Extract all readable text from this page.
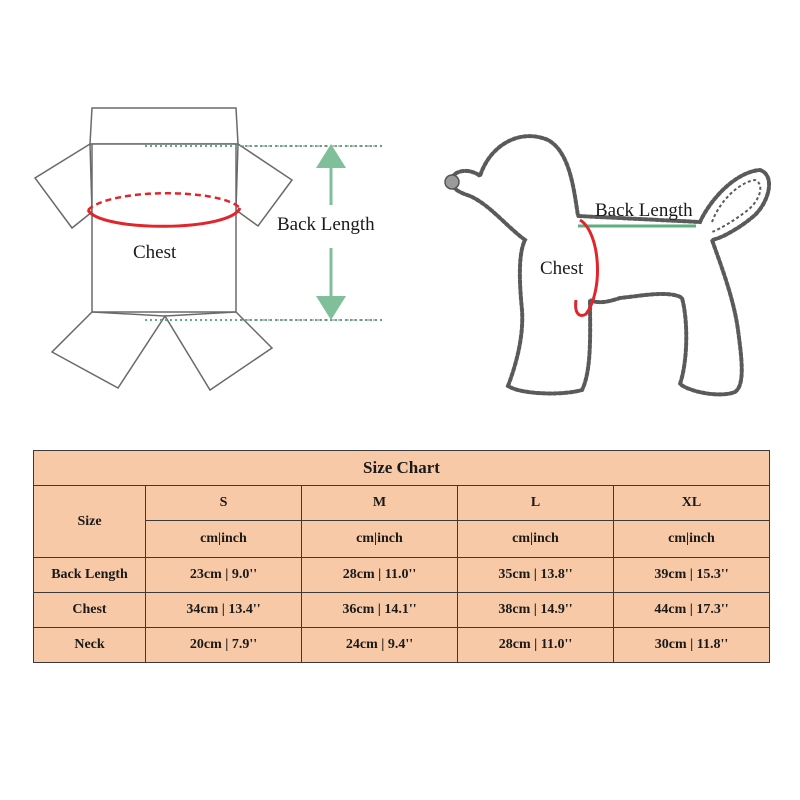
Chest
Back Length
Chest
Back Length
Size Chart				
Size	S	M	L	XL
	cm|inch	cm|inch	cm|inch	cm|inch
Back Length	23cm | 9.0''	28cm | 11.0''	35cm | 13.8''	39cm | 15.3''
Chest	34cm | 13.4''	36cm | 14.1''	38cm | 14.9''	44cm | 17.3''
Neck	20cm | 7.9''	24cm | 9.4''	28cm | 11.0''	30cm | 11.8''
